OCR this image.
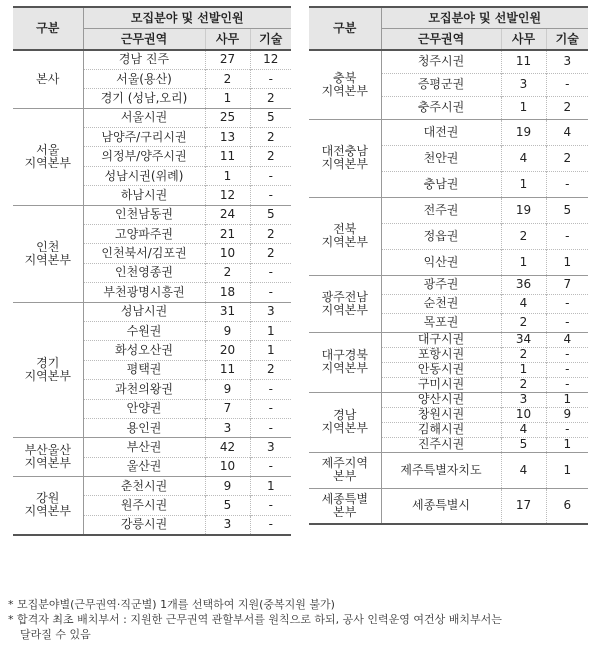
구분	모집분야 및 선발인원		
	근무권역	사무	기술

본사	경남 진주	27	12
	서울(용산)	2	-
	경기 (성남,오리)	1	2

서울
지역본부	서울시권	25	5
	남양주/구리시권	13	2
	의정부/양주시권	11	2
	성남시권(위례)	1	-
	하남시권	12	-

인천
지역본부	인천남동권	24	5
	고양파주권	21	2
	인천북서/김포권	10	2
	인천영종권	2	-
	부천광명시흥권	18	-

경기
지역본부	성남시권	31	3
	수원권	9	1
	화성오산권	20	1
	평택권	11	2
	과천의왕권	9	-
	안양권	7	-
	용인권	3	-

부산울산
지역본부	부산권	42	3
	울산권	10	-

강원
지역본부	춘천시권	9	1
	원주시권	5	-
	강릉시권	3	-
구분	모집분야 및 선발인원		
	근무권역	사무	기술

충북
지역본부	청주시권	11	3
	증평군권	3	-
	충주시권	1	2

대전충남
지역본부	대전권	19	4
	천안권	4	2
	충남권	1	-

전북
지역본부	전주권	19	5
	정읍권	2	-
	익산권	1	1

광주전남
지역본부	광주권	36	7
	순천권	4	-
	목포권	2	-

대구경북
지역본부	대구시권	34	4
	포항시권	2	-
	안동시권	1	-
	구미시권	2	-

경남
지역본부	양산시권	3	1
	창원시권	10	9
	김해시권	4	-
	진주시권	5	1

제주지역
본부	제주특별자치도	4	1

세종특별
본부	세종특별시	17	6

* 모집분야별(근무권역·직군별) 1개를 선택하여 지원(중복지원 불가)

* 합격자 최초 배치부서 : 지원한 근무권역 관할부서를 원칙으로 하되, 공사 인력운영 여건상 배치부서는

달라질 수 있음
